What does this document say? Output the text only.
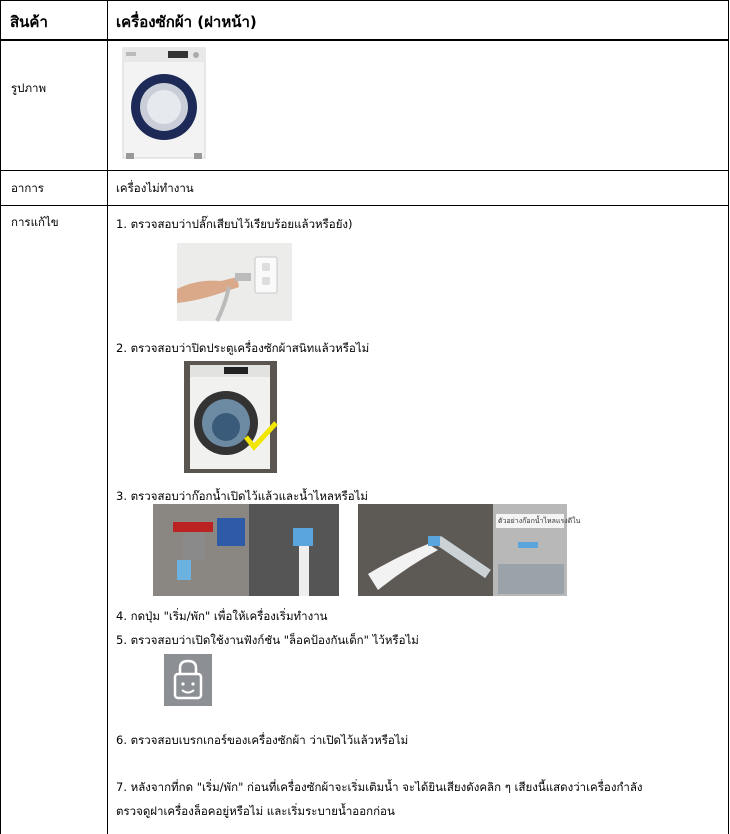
สินค้า	เครื่องซักผ้า (ฝาหน้า)
รูปภาพ
อาการ	เครื่องไม่ทำงาน
การแก้ไข	1. ตรวจสอบว่าปลั๊กเสียบไว้เรียบร้อยแล้วหรือยัง)
2. ตรวจสอบว่าปิดประตูเครื่องซักผ้าสนิทแล้วหรือไม่
3. ตรวจสอบว่าก๊อกน้ำเปิดไว้แล้วและน้ำไหลหรือไม่
ตัวอย่างก๊อกน้ำไหลแรงดีใน
4. กดปุ่ม "เริ่ม/พัก" เพื่อให้เครื่องเริ่มทำงาน
5. ตรวจสอบว่าเปิดใช้งานฟังก์ชัน "ล็อคป้องกันเด็ก" ไว้หรือไม่
6. ตรวจสอบเบรกเกอร์ของเครื่องซักผ้า ว่าเปิดไว้แล้วหรือไม่
7. หลังจากที่กด "เริ่ม/พัก" ก่อนที่เครื่องซักผ้าจะเริ่มเติมน้ำ จะได้ยินเสียงดังคลิก ๆ เสียงนี้แสดงว่าเครื่องกำลัง
ตรวจดูฝาเครื่องล็อคอยู่หรือไม่ และเริ่มระบายน้ำออกก่อน
